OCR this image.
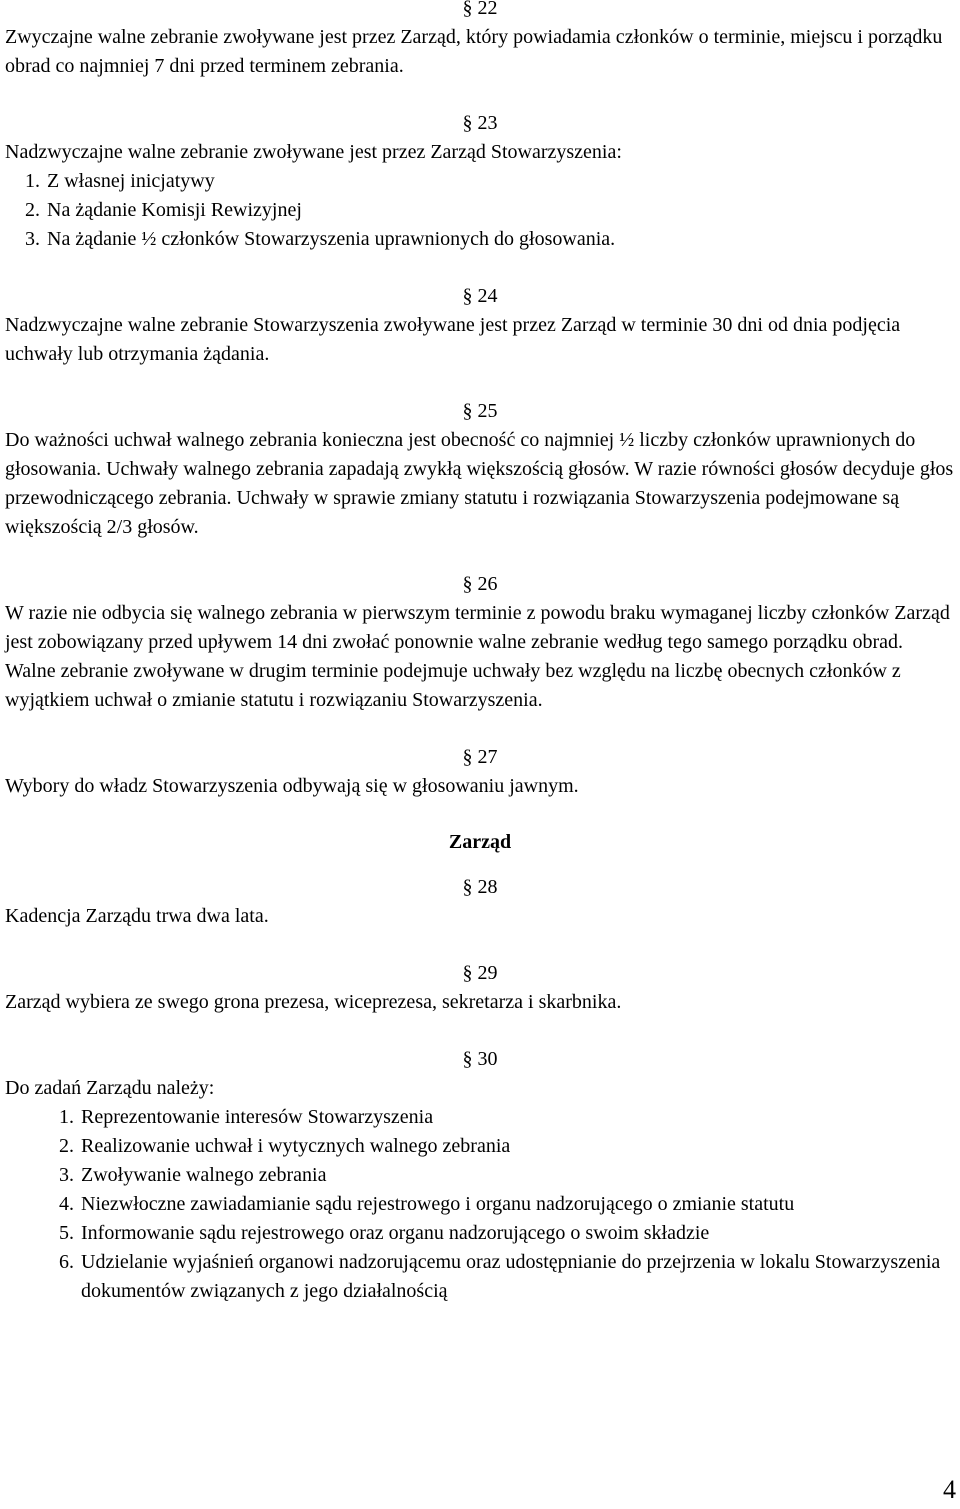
§ 22

Zwyczajne walne zebranie zwoływane jest przez Zarząd, który powiadamia członków o terminie, miejscu i porządku obrad co najmniej 7 dni przed terminem zebrania.

§ 23

Nadzwyczajne walne zebranie zwoływane jest przez Zarząd Stowarzyszenia:

1. Z własnej inicjatywy
2. Na żądanie Komisji Rewizyjnej
3. Na żądanie ½ członków Stowarzyszenia uprawnionych do głosowania.
§ 24

Nadzwyczajne walne zebranie Stowarzyszenia zwoływane jest przez Zarząd w terminie 30 dni od dnia podjęcia uchwały lub otrzymania żądania.

§ 25

Do ważności uchwał walnego zebrania konieczna jest obecność co najmniej ½ liczby członków uprawnionych do głosowania. Uchwały walnego zebrania zapadają zwykłą większością głosów. W razie równości głosów decyduje głos przewodniczącego zebrania. Uchwały w sprawie zmiany statutu i rozwiązania Stowarzyszenia podejmowane są większością 2/3 głosów.

§ 26

W razie nie odbycia się walnego zebrania w pierwszym terminie z powodu braku wymaganej liczby członków Zarząd jest zobowiązany przed upływem 14 dni zwołać ponownie walne zebranie według tego samego porządku obrad. Walne zebranie zwoływane w drugim terminie podejmuje uchwały bez względu na liczbę obecnych członków z wyjątkiem uchwał o zmianie statutu i rozwiązaniu Stowarzyszenia.

§ 27

Wybory do władz Stowarzyszenia odbywają się w głosowaniu jawnym.

Zarząd

§ 28
Kadencja Zarządu trwa dwa lata.
§ 29

Zarząd wybiera ze swego grona prezesa, wiceprezesa, sekretarza i skarbnika.

§ 30

Do zadań Zarządu należy:

1. Reprezentowanie interesów Stowarzyszenia
2. Realizowanie uchwał i wytycznych walnego zebrania
3. Zwoływanie walnego zebrania
4. Niezwłoczne zawiadamianie sądu rejestrowego i organu nadzorującego o zmianie statutu
5. Informowanie sądu rejestrowego oraz organu nadzorującego o swoim składzie
6. Udzielanie wyjaśnień organowi nadzorującemu oraz udostępnianie do przejrzenia w lokalu Stowarzyszenia dokumentów związanych z jego działalnością
4
